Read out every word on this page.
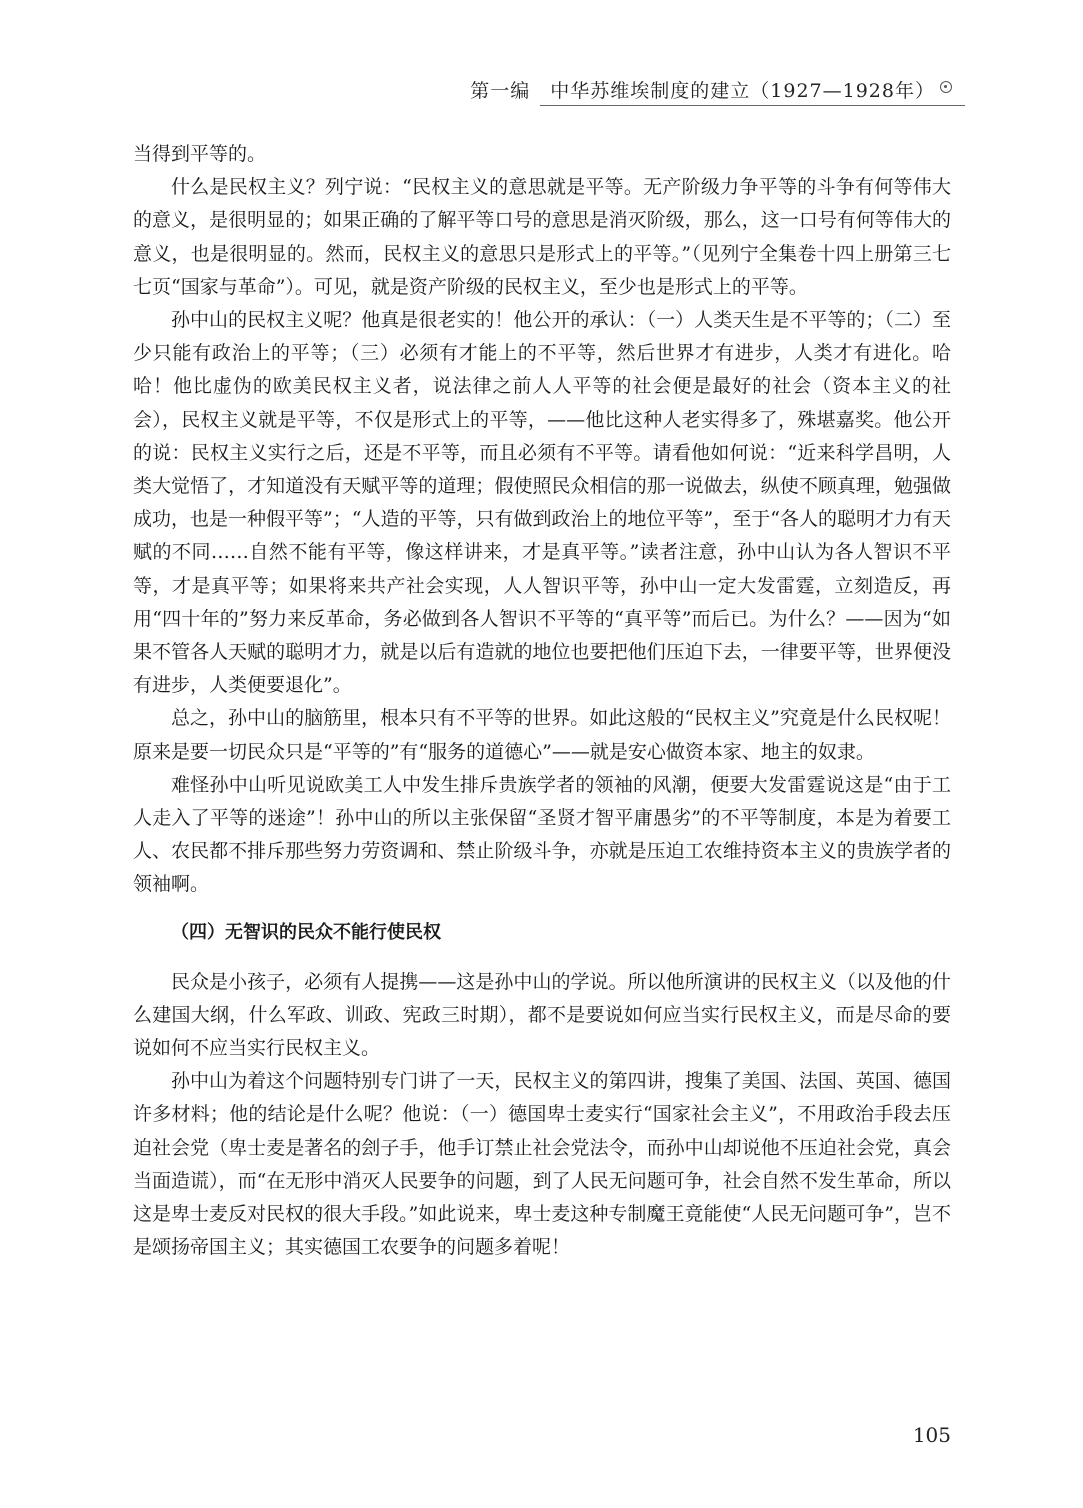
第一编　中华苏维埃制度的建立（1927—1928年）

当得到平等的。

什么是民权主义？列宁说：“民权主义的意思就是平等。无产阶级力争平等的斗争有何等伟大的意义，是很明显的；如果正确的了解平等口号的意思是消灭阶级，那么，这一口号有何等伟大的意义，也是很明显的。然而，民权主义的意思只是形式上的平等。”（见列宁全集卷十四上册第三七七页“国家与革命”）。可见，就是资产阶级的民权主义，至少也是形式上的平等。

孙中山的民权主义呢？他真是很老实的！他公开的承认：（一）人类天生是不平等的；（二）至少只能有政治上的平等；（三）必须有才能上的不平等，然后世界才有进步，人类才有进化。哈哈！他比虚伪的欧美民权主义者，说法律之前人人平等的社会便是最好的社会（资本主义的社会），民权主义就是平等，不仅是形式上的平等，——他比这种人老实得多了，殊堪嘉奖。他公开的说：民权主义实行之后，还是不平等，而且必须有不平等。请看他如何说：“近来科学昌明，人类大觉悟了，才知道没有天赋平等的道理；假使照民众相信的那一说做去，纵使不顾真理，勉强做成功，也是一种假平等”；“人造的平等，只有做到政治上的地位平等”，至于“各人的聪明才力有天赋的不同……自然不能有平等，像这样讲来，才是真平等。”读者注意，孙中山认为各人智识不平等，才是真平等；如果将来共产社会实现，人人智识平等，孙中山一定大发雷霆，立刻造反，再用“四十年的”努力来反革命，务必做到各人智识不平等的“真平等”而后已。为什么？——因为“如果不管各人天赋的聪明才力，就是以后有造就的地位也要把他们压迫下去，一律要平等，世界便没有进步，人类便要退化”。

总之，孙中山的脑筋里，根本只有不平等的世界。如此这般的“民权主义”究竟是什么民权呢！原来是要一切民众只是“平等的”有“服务的道德心”——就是安心做资本家、地主的奴隶。

难怪孙中山听见说欧美工人中发生排斥贵族学者的领袖的风潮，便要大发雷霆说这是“由于工人走入了平等的迷途”！孙中山的所以主张保留“圣贤才智平庸愚劣”的不平等制度，本是为着要工人、农民都不排斥那些努力劳资调和、禁止阶级斗争，亦就是压迫工农维持资本主义的贵族学者的领袖啊。

（四）无智识的民众不能行使民权

民众是小孩子，必须有人提携——这是孙中山的学说。所以他所演讲的民权主义（以及他的什么建国大纲，什么军政、训政、宪政三时期），都不是要说如何应当实行民权主义，而是尽命的要说如何不应当实行民权主义。

孙中山为着这个问题特别专门讲了一天，民权主义的第四讲，搜集了美国、法国、英国、德国许多材料；他的结论是什么呢？他说：（一）德国卑士麦实行“国家社会主义”，不用政治手段去压迫社会党（卑士麦是著名的刽子手，他手订禁止社会党法令，而孙中山却说他不压迫社会党，真会当面造谎），而“在无形中消灭人民要争的问题，到了人民无问题可争，社会自然不发生革命，所以这是卑士麦反对民权的很大手段。”如此说来，卑士麦这种专制魔王竟能使“人民无问题可争”，岂不是颂扬帝国主义；其实德国工农要争的问题多着呢！

105
